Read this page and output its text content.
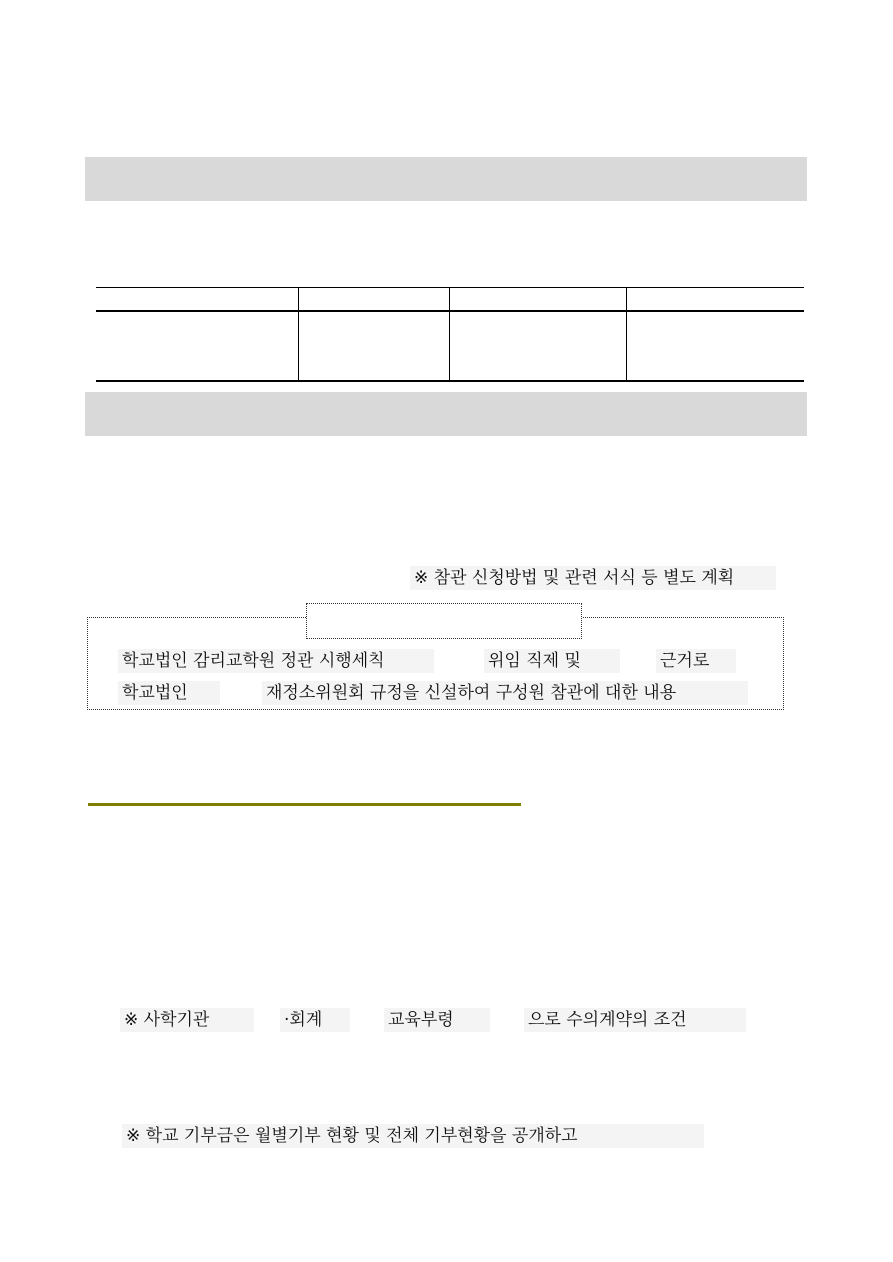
※ 참관 신청방법 및 관련 서식 등 별도 계획
학교법인 감리교학원 정관 시행세칙	위임 직제 및	근거로
학교법인	재정소위원회 규정을 신설하여 구성원 참관에 대한 내용
※ 사학기관	·회계	교육부령	으로 수의계약의 조건
※ 학교 기부금은 월별기부 현황 및 전체 기부현황을 공개하고
